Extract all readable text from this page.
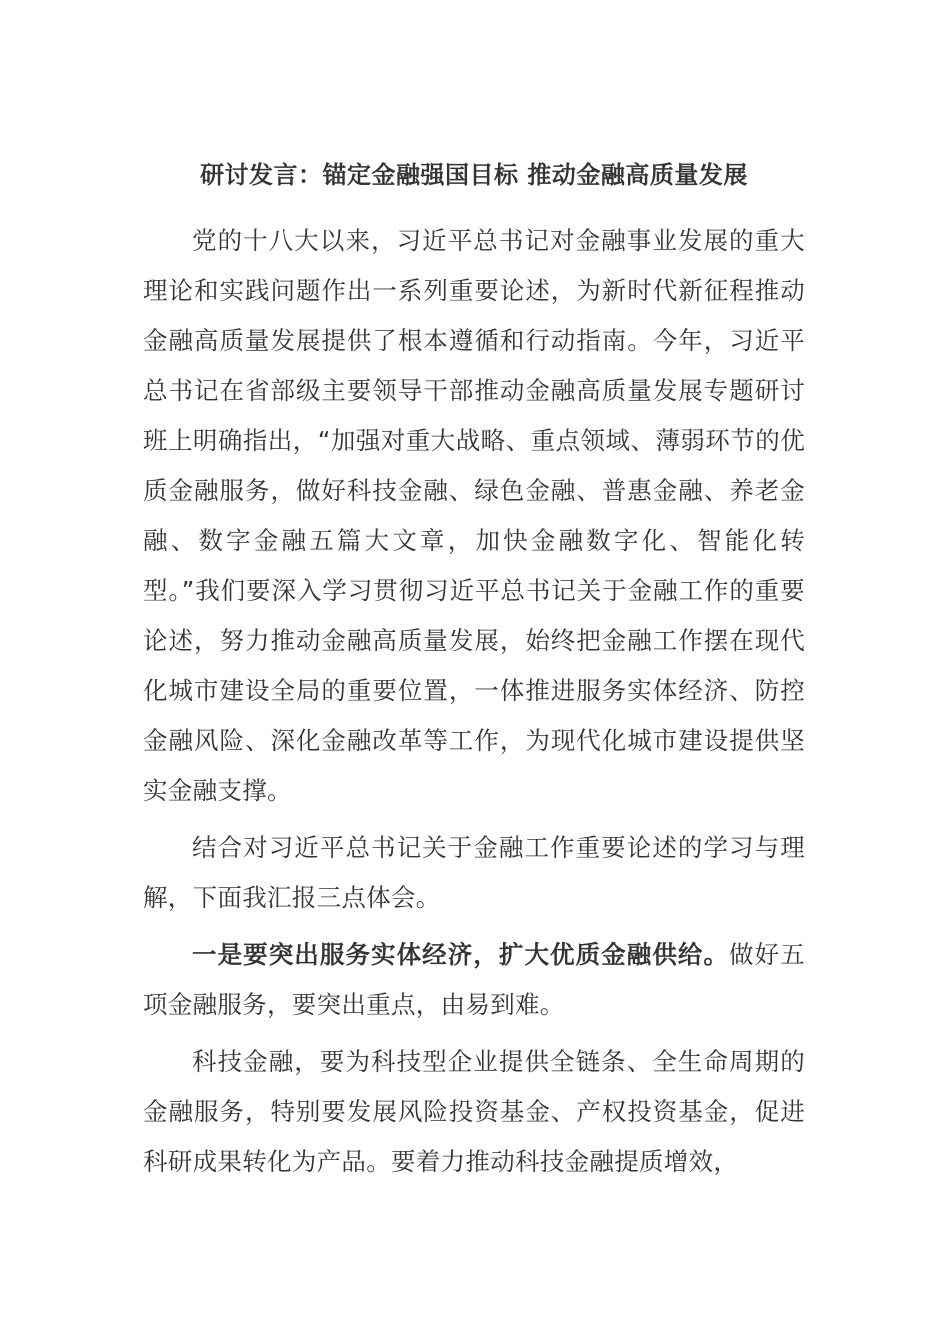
研讨发言：锚定金融强国目标 推动金融高质量发展

党的十八大以来，习近平总书记对金融事业发展的重大理论和实践问题作出一系列重要论述，为新时代新征程推动金融高质量发展提供了根本遵循和行动指南。今年，习近平总书记在省部级主要领导干部推动金融高质量发展专题研讨班上明确指出，“加强对重大战略、重点领域、薄弱环节的优质金融服务，做好科技金融、绿色金融、普惠金融、养老金融、数字金融五篇大文章，加快金融数字化、智能化转型。”我们要深入学习贯彻习近平总书记关于金融工作的重要论述，努力推动金融高质量发展，始终把金融工作摆在现代化城市建设全局的重要位置，一体推进服务实体经济、防控金融风险、深化金融改革等工作，为现代化城市建设提供坚实金融支撑。

结合对习近平总书记关于金融工作重要论述的学习与理解，下面我汇报三点体会。

一是要突出服务实体经济，扩大优质金融供给。做好五项金融服务，要突出重点，由易到难。

科技金融，要为科技型企业提供全链条、全生命周期的金融服务，特别要发展风险投资基金、产权投资基金，促进科研成果转化为产品。要着力推动科技金融提质增效，
